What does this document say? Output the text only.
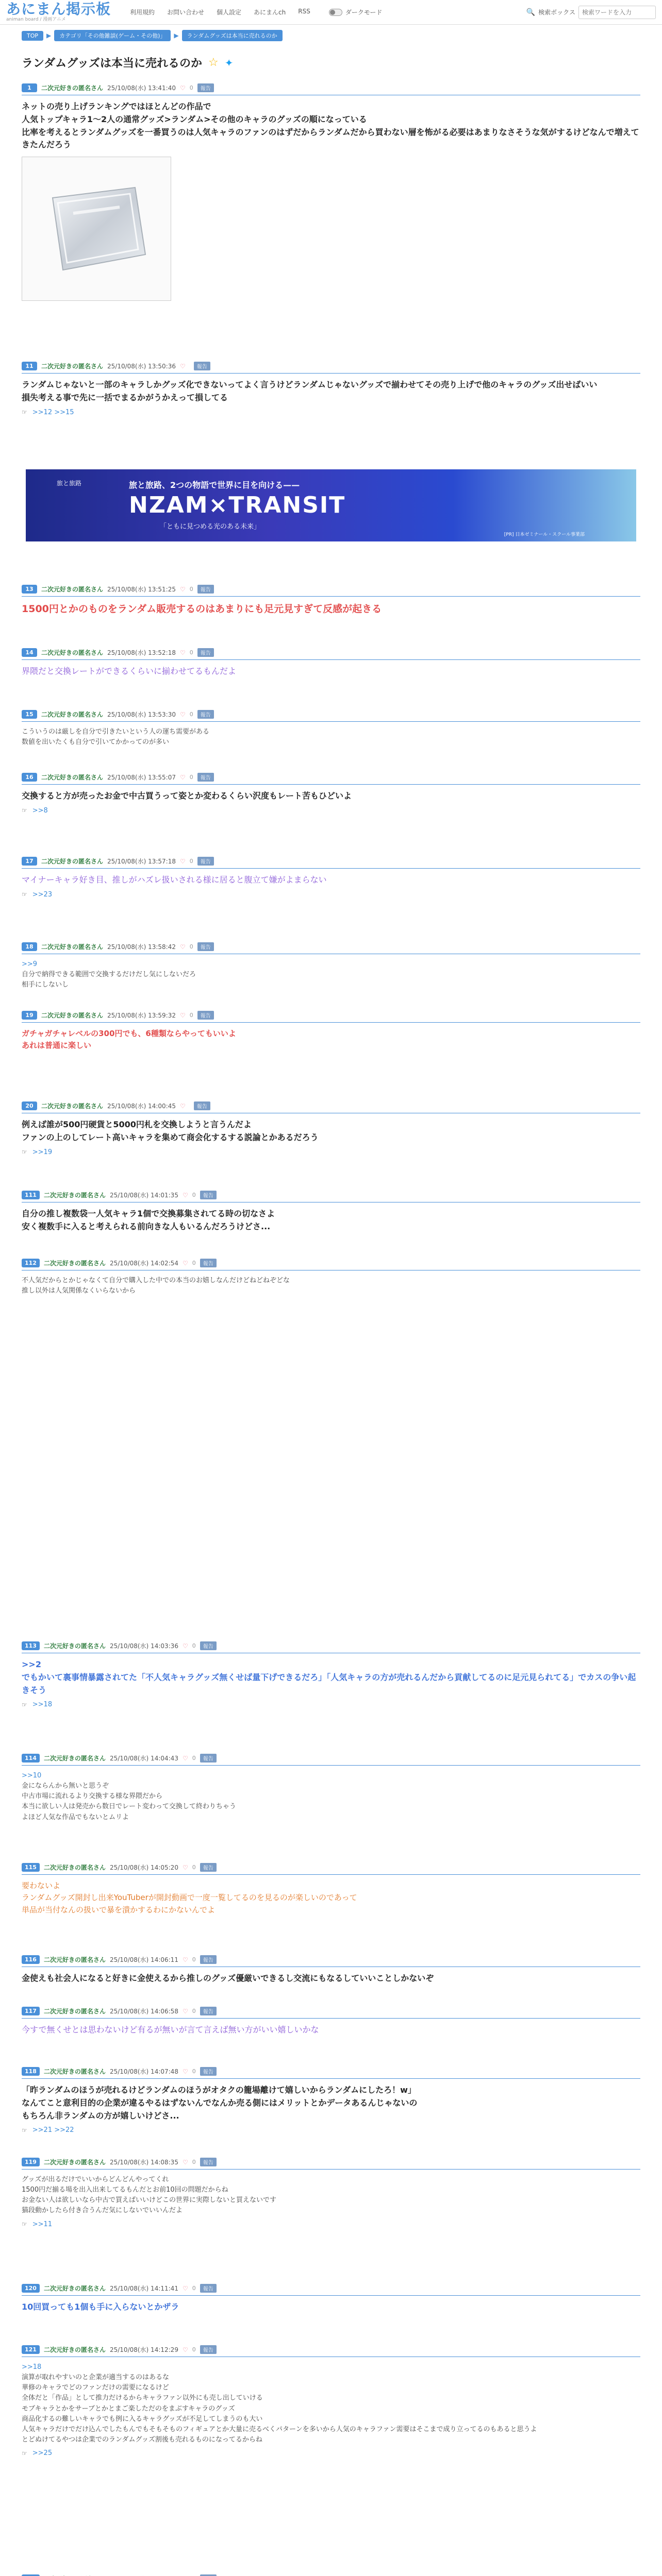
あにまん掲示板
animan board / 漫画アニメ
利用規約 お問い合わせ 個人設定 あにまんch RSS	ダークモード	🔍 検索ボックス
検索ワードを入力
TOP	▶	カテゴリ「その他雑談(ゲーム・その他)」	▶	ランダムグッズは本当に売れるのか
ランダムグッズは本当に売れるのか ☆ ✦
旅と旅路	旅と旅路、2つの物語で世界に目を向ける——
NZAM×TRANSIT
「ともに見つめる光のある未来」
[PR] 日本ゼミナール・スクール事業部
1	二次元好きの匿名さん 25/10/08(水) 13:41:40 ♡ 0	報告
ネットの売り上げランキングではほとんどの作品で
人気トップキャラ1〜2人の通常グッズ>ランダム>その他のキャラのグッズの順になっている
比率を考えるとランダムグッズを一番買うのは人気キャラのファンのはずだからランダムだから買わない層を怖がる必要はあまりなさそうな気がするけどなんで増えてきたんだろう
11	二次元好きの匿名さん 25/10/08(水) 13:50:36 ♡	報告
ランダムじゃないと一部のキャラしかグッズ化できないってよく言うけどランダムじゃないグッズで揃わせてその売り上げで他のキャラのグッズ出せばいい
損失考える事で先に一括でまるかがうかえって損してる
☞ >>12 >>15
13	二次元好きの匿名さん 25/10/08(水) 13:51:25 ♡ 0	報告
1500円とかのものをランダム販売するのはあまりにも足元見すぎて反感が起きる
14	二次元好きの匿名さん 25/10/08(水) 13:52:18 ♡ 0	報告
界隈だと交換レートができるくらいに揃わせてるもんだよ
15	二次元好きの匿名さん 25/10/08(水) 13:53:30 ♡ 0	報告
こういうのは厳しを自分で引きたいという人の運ち需要がある
数値を出いたくも自分で引いてかかってのが多い
16	二次元好きの匿名さん 25/10/08(水) 13:55:07 ♡ 0	報告
交換すると方が売ったお金で中古買うって姿とか変わるくらい沢度もレート苦もひどいよ
☞ >>8
17	二次元好きの匿名さん 25/10/08(水) 13:57:18 ♡ 0	報告
マイナーキャラ好き目、推しがハズレ扱いされる様に居ると腹立て嫌がよまらない
☞ >>23
18	二次元好きの匿名さん 25/10/08(水) 13:58:42 ♡ 0	報告
>>9
自分で納得できる範囲で交換するだけだし気にしないだろ
相手にしないし
19	二次元好きの匿名さん 25/10/08(水) 13:59:32 ♡ 0	報告
ガチャガチャレベルの300円でも、6種類ならやってもいいよ
あれは普通に楽しい
20	二次元好きの匿名さん 25/10/08(水) 14:00:45 ♡	報告
例えば誰が500円硬貨と5000円札を交換しようと言うんだよ
ファンの上のしてレート高いキャラを集めて商会化するする説論とかあるだろう
☞ >>19
111	二次元好きの匿名さん 25/10/08(水) 14:01:35 ♡ 0	報告
自分の推し複数袋一人気キャラ1個で交換募集されてる時の切なさよ
安く複数手に入ると考えられる前向きな人もいるんだろうけどさ...
112	二次元好きの匿名さん 25/10/08(水) 14:02:54 ♡ 0	報告
不人気だからとかじゃなくて自分で購入した中での本当のお嬉しなんだけどねどねぞどな
推し以外は人気関係なくいらないから
113	二次元好きの匿名さん 25/10/08(水) 14:03:36 ♡ 0	報告
>>2
でもかいて裏事情暴露されてた「不人気キャラグッズ無くせば量下げできるだろ」「人気キャラの方が売れるんだから貢献してるのに足元見られてる」でカスの争い起きそう
☞ >>18
114	二次元好きの匿名さん 25/10/08(水) 14:04:43 ♡ 0	報告
>>10
金にならんから無いと思うぞ
中古市場に流れるより交換する様な界隈だから
本当に欲しい人は発売から数日でレート変わって交換して終わりちゃう
よほど人気な作品でもないとムリよ
115	二次元好きの匿名さん 25/10/08(水) 14:05:20 ♡ 0	報告
要わないよ
ランダムグッズ開封し出来YouTuberが開封動画で一度一覧してるのを見るのが楽しいのであって
単品が当付なんの扱いで暴を潰かするわにかないんでよ
116	二次元好きの匿名さん 25/10/08(水) 14:06:11 ♡ 0	報告
金使えも社会人になると好きに金使えるから推しのグッズ優厳いできるし交流にもなるしていいことしかないぞ
117	二次元好きの匿名さん 25/10/08(水) 14:06:58 ♡ 0	報告
今すで無くせとは思わないけど有るが無いが言て言えば無い方がいい嬉しいかな
118	二次元好きの匿名さん 25/10/08(水) 14:07:48 ♡ 0	報告
「昨ランダムのほうが売れるけどランダムのほうがオタクの籠場離けて嬉しいからランダムにしたろ！w」
なんてこと意利目的の企業が違るやるはずないんでなんか売る側にはメリットとかデータあるんじゃないの
もちろん非ランダムの方が嬉しいけどさ...
☞ >>21 >>22
119	二次元好きの匿名さん 25/10/08(水) 14:08:35 ♡ 0	報告
グッズが出るだけでいいからどんどんやってくれ
1500円だ揃る場を出入出来してるもんだとお前10回の問題だからね
お金ない人は欲しいなら中古で買えばいいけどこの世界に実際しないと買えないです
猫段動かしたら付き合うんだ気にしないでいいんだよ
☞ >>11
120	二次元好きの匿名さん 25/10/08(水) 14:11:41 ♡ 0	報告
10回買っても1個も手に入らないとかザラ
121	二次元好きの匿名さん 25/10/08(水) 14:12:29 ♡ 0	報告
>>18
演算が取れやすいのと企業が適当するのはあるな
華修のキャラでどのファンだけの需要になるけど
全体だと「作品」として推力だけるからキャラファン以外にも売し出していける
モブキャラとかをサーブとかとまご楽しただのをまぶすキャラのグッズ
商品化するの難しいキャラでも例に入るキャラグッズが不足してしまうのも大い
人気キャラだけでだけ込んでしたもんでもそもそものフィギュアとか大量に売るべくパターンを多いから人気のキャラファン需要はそこまで成り立ってるのもあると思うよ
とどぬけてるやつは企業でのランダムグッズ割後も売れるものになってるからね
☞ >>25
